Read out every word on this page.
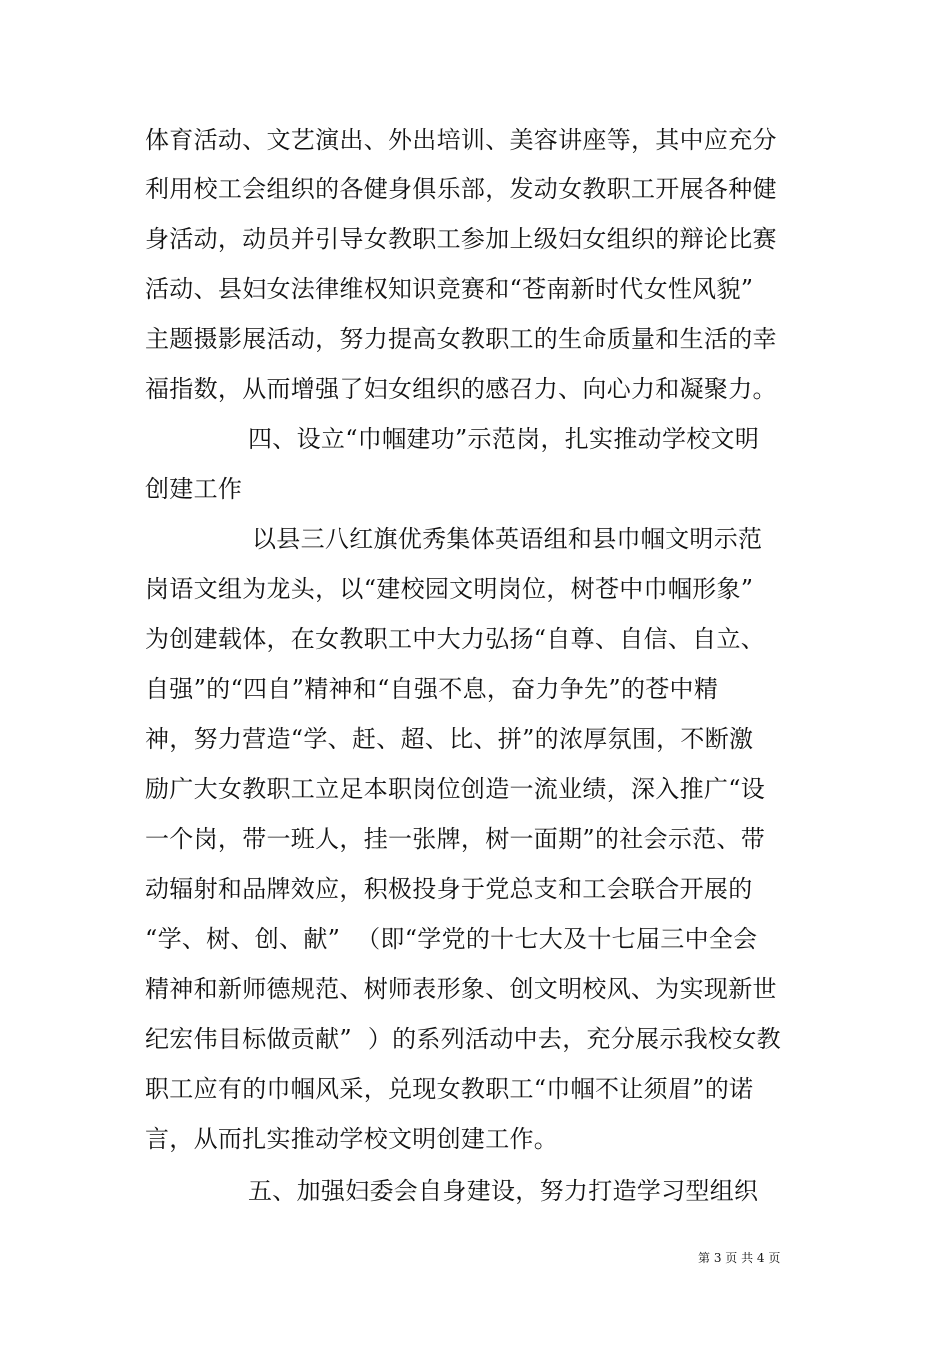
体育活动、文艺演出、外出培训、美容讲座等，其中应充分
利用校工会组织的各健身俱乐部，发动女教职工开展各种健
身活动，动员并引导女教职工参加上级妇女组织的辩论比赛
活动、县妇女法律维权知识竞赛和“苍南新时代女性风貌”
主题摄影展活动，努力提高女教职工的生命质量和生活的幸
福指数，从而增强了妇女组织的感召力、向心力和凝聚力。
四、设立“巾帼建功”示范岗，扎实推动学校文明
创建工作
以县三八红旗优秀集体英语组和县巾帼文明示范
岗语文组为龙头，以“建校园文明岗位，树苍中巾帼形象”
为创建载体，在女教职工中大力弘扬“自尊、自信、自立、
自强”的“四自”精神和“自强不息，奋力争先”的苍中精
神，努力营造“学、赶、超、比、拼”的浓厚氛围，不断激
励广大女教职工立足本职岗位创造一流业绩，深入推广“设
一个岗，带一班人，挂一张牌，树一面期”的社会示范、带
动辐射和品牌效应，积极投身于党总支和工会联合开展的
“学、树、创、献”  （即“学党的十七大及十七届三中全会
精神和新师德规范、树师表形象、创文明校风、为实现新世
纪宏伟目标做贡献”  ）的系列活动中去，充分展示我校女教
职工应有的巾帼风采，兑现女教职工“巾帼不让须眉”的诺
言，从而扎实推动学校文明创建工作。
五、加强妇委会自身建设，努力打造学习型组织
第 3 页 共 4 页
